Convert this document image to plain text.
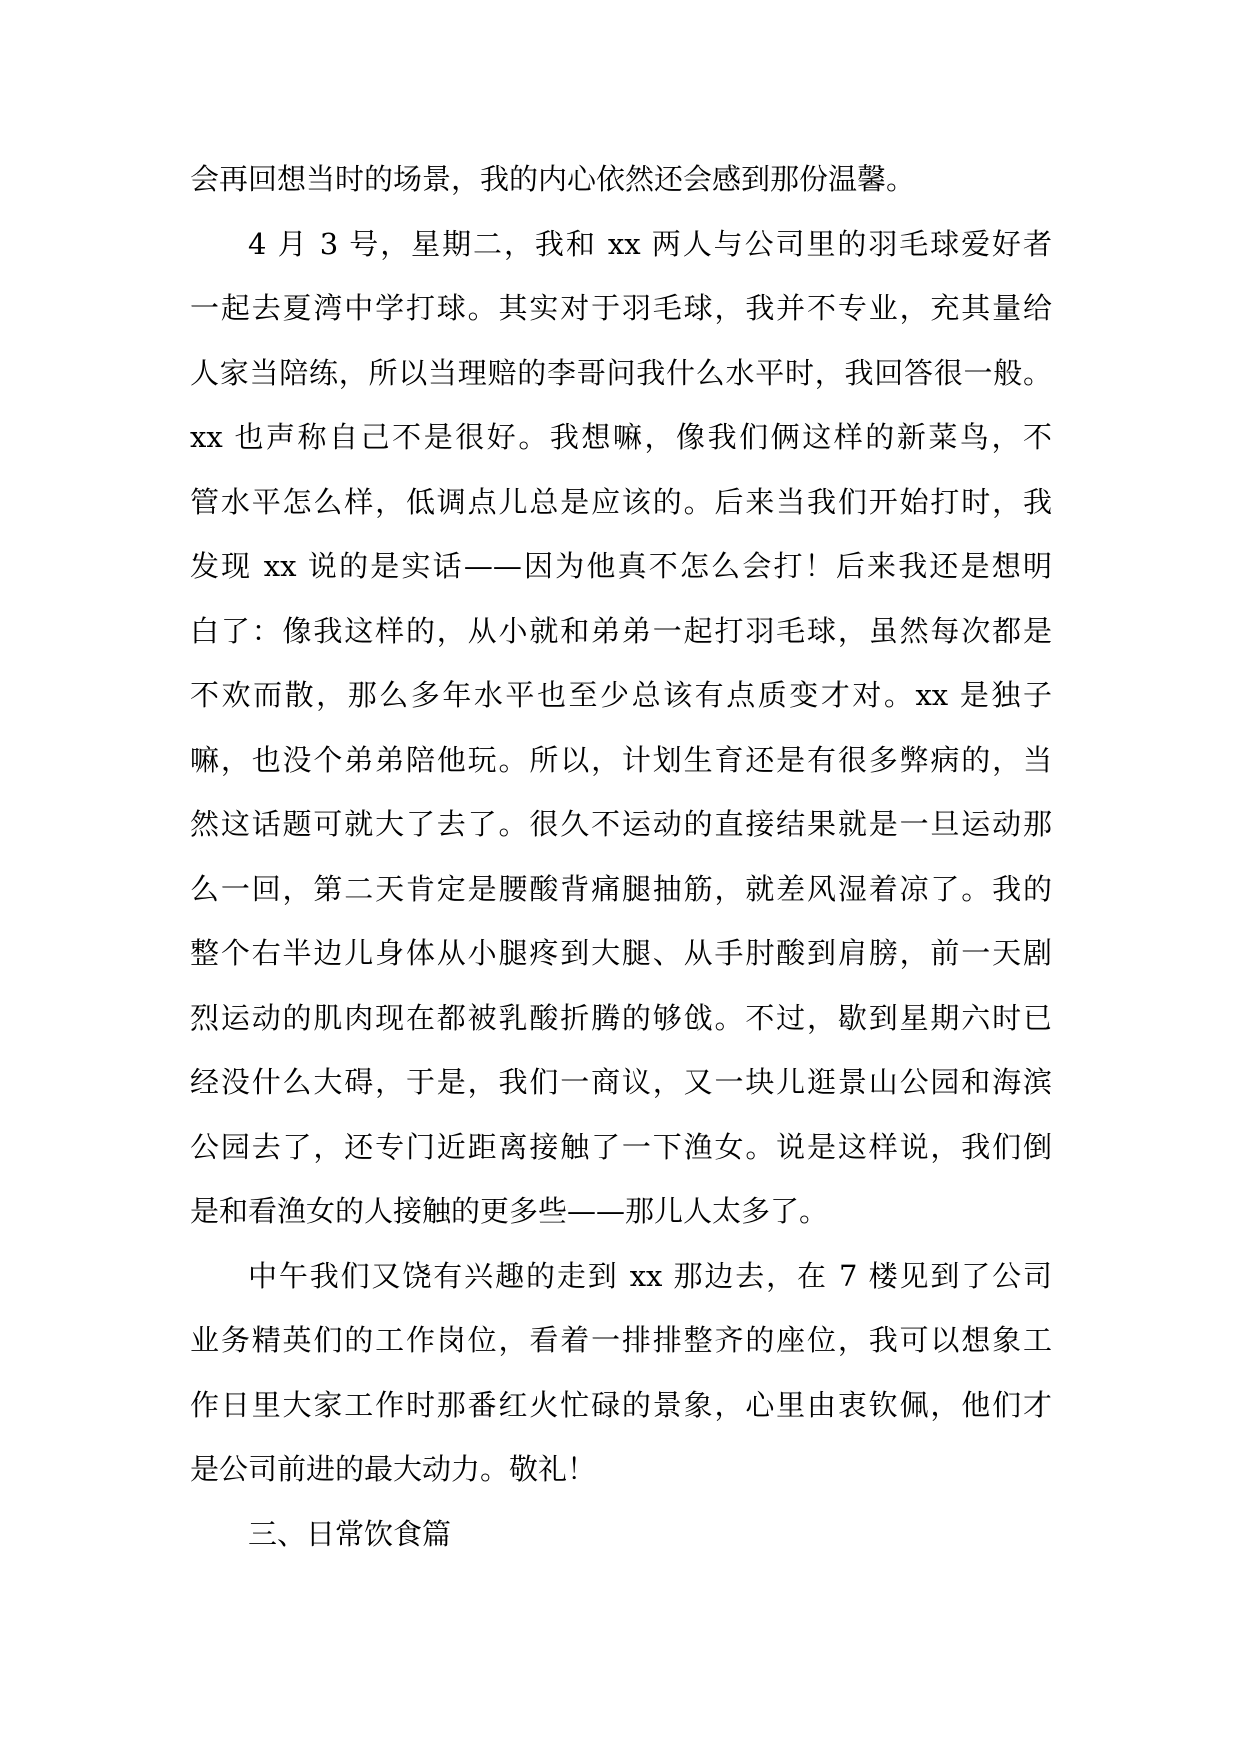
会再回想当时的场景，我的内心依然还会感到那份温馨。
4 月 3 号，星期二，我和 xx 两人与公司里的羽毛球爱好者
一起去夏湾中学打球。其实对于羽毛球，我并不专业，充其量给
人家当陪练，所以当理赔的李哥问我什么水平时，我回答很一般。
xx 也声称自己不是很好。我想嘛，像我们俩这样的新菜鸟，不
管水平怎么样，低调点儿总是应该的。后来当我们开始打时，我
发现 xx 说的是实话——因为他真不怎么会打！后来我还是想明
白了：像我这样的，从小就和弟弟一起打羽毛球，虽然每次都是
不欢而散，那么多年水平也至少总该有点质变才对。xx 是独子
嘛，也没个弟弟陪他玩。所以，计划生育还是有很多弊病的，当
然这话题可就大了去了。很久不运动的直接结果就是一旦运动那
么一回，第二天肯定是腰酸背痛腿抽筋，就差风湿着凉了。我的
整个右半边儿身体从小腿疼到大腿、从手肘酸到肩膀，前一天剧
烈运动的肌肉现在都被乳酸折腾的够戗。不过，歇到星期六时已
经没什么大碍，于是，我们一商议，又一块儿逛景山公园和海滨
公园去了，还专门近距离接触了一下渔女。说是这样说，我们倒
是和看渔女的人接触的更多些——那儿人太多了。
中午我们又饶有兴趣的走到 xx 那边去，在 7 楼见到了公司
业务精英们的工作岗位，看着一排排整齐的座位，我可以想象工
作日里大家工作时那番红火忙碌的景象，心里由衷钦佩，他们才
是公司前进的最大动力。敬礼！
三、日常饮食篇
